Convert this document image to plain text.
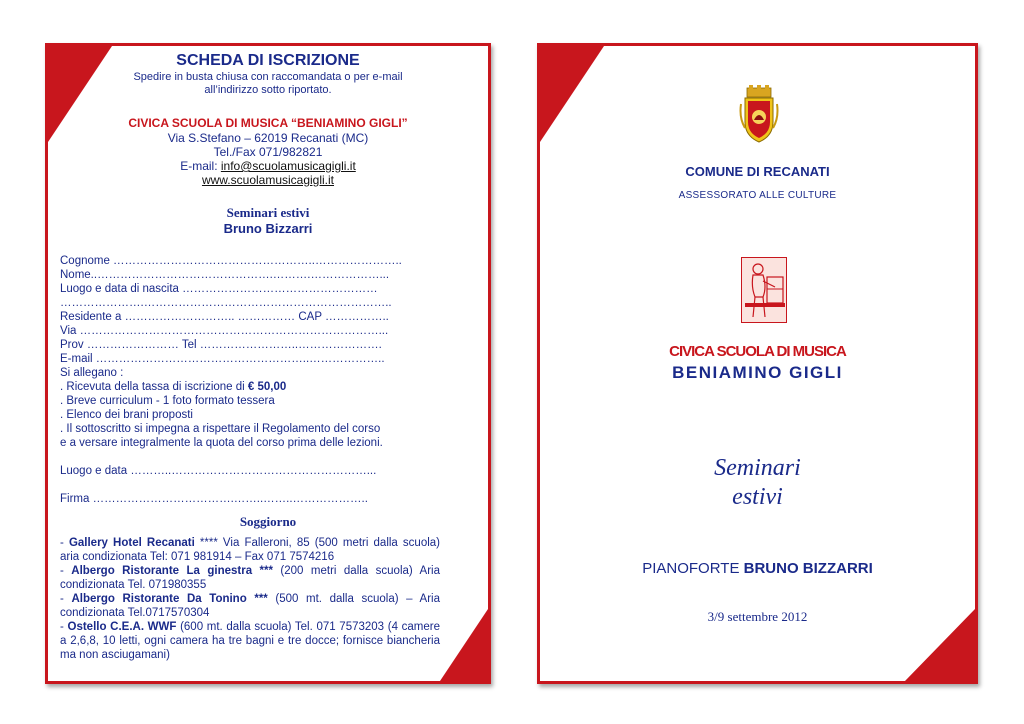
SCHEDA DI ISCRIZIONE
Spedire in busta chiusa con raccomandata o per e-mail
all’indirizzo sotto riportato.
CIVICA SCUOLA DI MUSICA “BENIAMINO GIGLI”
Via S.Stefano – 62019 Recanati (MC)
Tel./Fax 071/982821
E-mail: info@scuolamusicagigli.it
www.scuolamusicagigli.it
Seminari estivi
Bruno Bizzarri
Cognome ……………………………………………..…………………..
Nome..……………………………………….……….………………...
Luogo e data di nascita ……………………………………………
………………….………………………………………………………..
Residente a ……………………….. …………… CAP ……………..
Via ……………………………………………………………………...
Prov …………………… Tel ……………………..………………….
E-mail ………………………………………………..………………..
Si allegano :
. Ricevuta della tassa di iscrizione di € 50,00
. Breve curriculum - 1 foto formato tessera
. Elenco dei brani proposti
. Il sottoscritto si impegna a rispettare il Regolamento del corso
e a versare integralmente la quota del corso prima delle lezioni.
Luogo e data ………..……………………………………………...
Firma ……………………………….……..……..………………..
Soggiorno
- Gallery Hotel Recanati **** Via Falleroni, 85 (500 metri dalla scuola) aria condizionata Tel: 071 981914 – Fax 071 7574216
- Albergo Ristorante La ginestra *** (200 metri dalla scuola) Aria condizionata Tel. 071980355
- Albergo Ristorante Da Tonino *** (500 mt. dalla scuola) – Aria condizionata Tel.0717570304
- Ostello C.E.A. WWF (600 mt. dalla scuola) Tel. 071 7573203 (4 camere a 2,6,8, 10 letti, ogni camera ha tre bagni e tre docce; fornisce biancheria ma non asciugamani)
COMUNE DI RECANATI
ASSESSORATO ALLE CULTURE
CIVICA SCUOLA DI MUSICA
BENIAMINO GIGLI
Seminari
estivi
PIANOFORTE BRUNO BIZZARRI
3/9 settembre 2012
